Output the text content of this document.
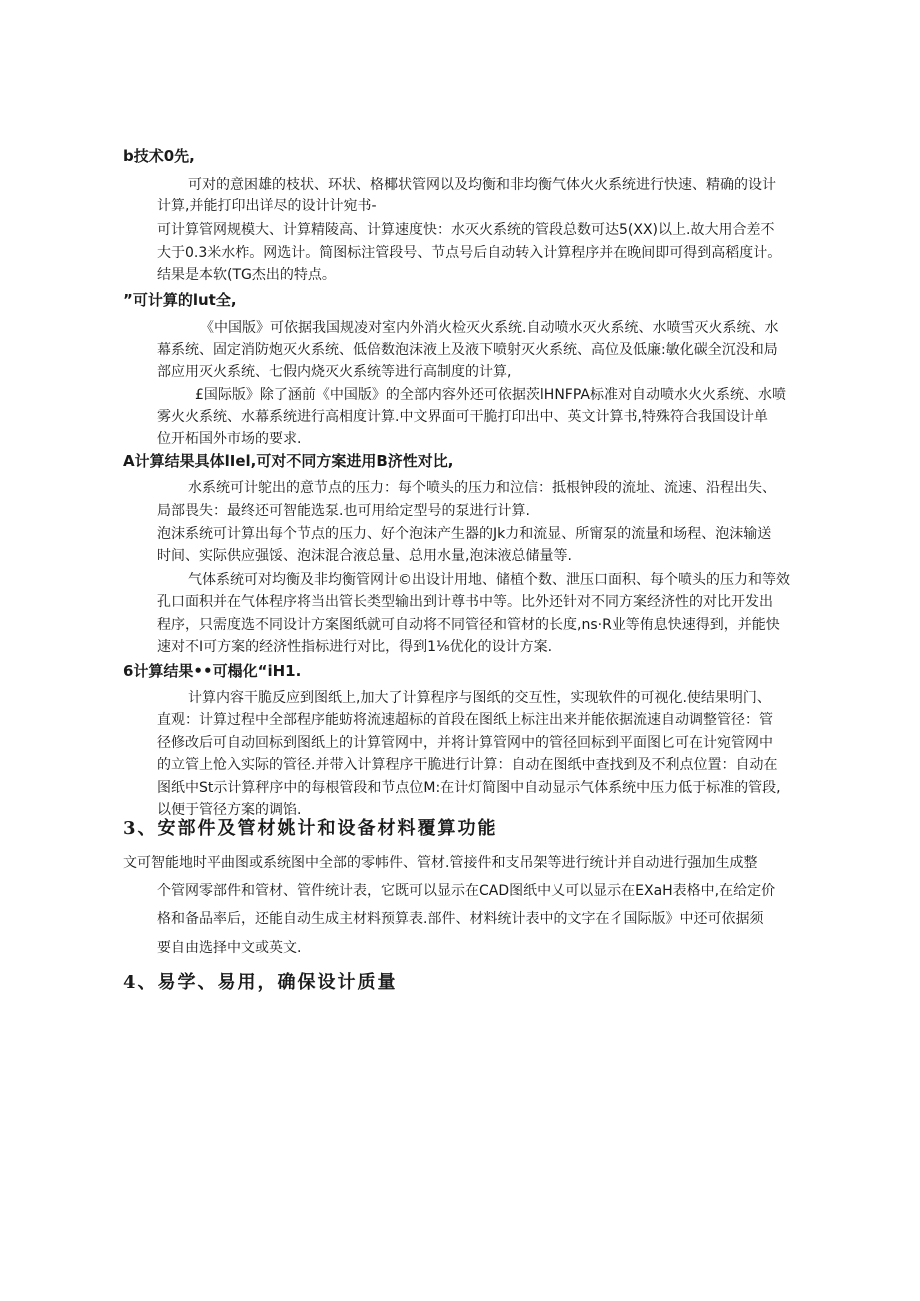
b技术0先,
可对的意困雄的枝状、环状、格椰状管网以及均衡和非均衡气体火火系统进行快速、精确的设计
计算,并能打印出详尽的设计计宛书-
可计算管网规模大、计算精陵高、计算速度快：水灭火系统的管段总数可达5(XX)以上.故大用合差不
大于0.3米水柞。网选计。简图标注管段号、节点号后自动转入计算程序并在晚间即可得到高稻度计。
结果是本软(TG杰出的特点。
”可计算的lut全,
《中国版》可依据我国规凌对室内外消火检灭火系统.自动喷水灭火系统、水喷雪灭火系统、水
幕系统、固定消防炮灭火系统、低倍数泡沫液上及液下喷射灭火系统、高位及低廉:敏化碳全沉没和局
部应用灭火系统、七假内烧灭火系统等进行高制度的计算,
£国际版》除了涵前《中国版》的全部内容外还可依据茨lHNFPA标准对自动喷水火火系统、水喷
雾火火系统、水幕系统进行高相度计算.中文界面可干脆打印出中、英文计算书,特殊符合我国设计单
位开柘国外市场的要求.
A计算结果具体lIel,可对不同方案进用B济性对比,
水系统可计鸵出的意节点的压力：每个喷头的压力和泣信：抵根钟段的流址、流速、沿程出失、
局部畏失：最终还可智能选泵.也可用给定型号的泵进行计算.
泡沫系统可计算出每个节点的压力、好个泡沫产生器的Jk力和流显、所甯泵的流量和场程、泡沫输送
时间、实际供应强馁、泡沫混合液总量、总用水量,泡沫液总储量等.
气体系统可对均衡及非均衡管网计©出设计用地、储植个数、泄压口面积、每个喷头的压力和等效
孔口面积并在气体程序将当出管长类型输出到计尊书中等。比外还针对不同方案经济性的对比开发出
程序，只需度选不同设计方案图纸就可自动将不同管径和管材的长度,ns·R业等侑息快速得到，并能快
速对不I可方案的经济性指标进行对比，得到1⅛优化的设计方案.
6计算结果••可榻化“iH1.
计算内容干脆反应到图纸上,加大了计算程序与图纸的交互性，实现软件的可视化.使结果明门、
直观：计算过程中全部程序能蚄将流速超标的首段在图纸上标注出来并能依据流速自动调整管径：管
径修改后可自动回标到图纸上的计算管网中，并将计算管网中的管径回标到平面图匕可在计宛管网中
的立管上怆入实际的管径.并带入计算程序干脆进行计算：自动在图纸中查找到及不利点位置：自动在
图纸中St示计算秤序中的每根管段和节点位M:在计灯简图中自动显示气体系统中压力低于标准的管段,
以便于管径方案的调馅.
3、安部件及管材姚计和设备材料覆算功能
文可智能地时平曲图或系统图中全部的零帏件、管材.管接件和支吊架等进行统计并自动进行强加生成整
个管网零部件和管材、管件统计表，它既可以显示在CAD图纸中乂可以显示在EXaH表格中,在给定价
格和备品率后，还能自动生成主材料预算表.部件、材料统计表中的文字在彳国际版》中还可依据须
要自由选择中文或英文.
4、易学、易用，确保设计质量
